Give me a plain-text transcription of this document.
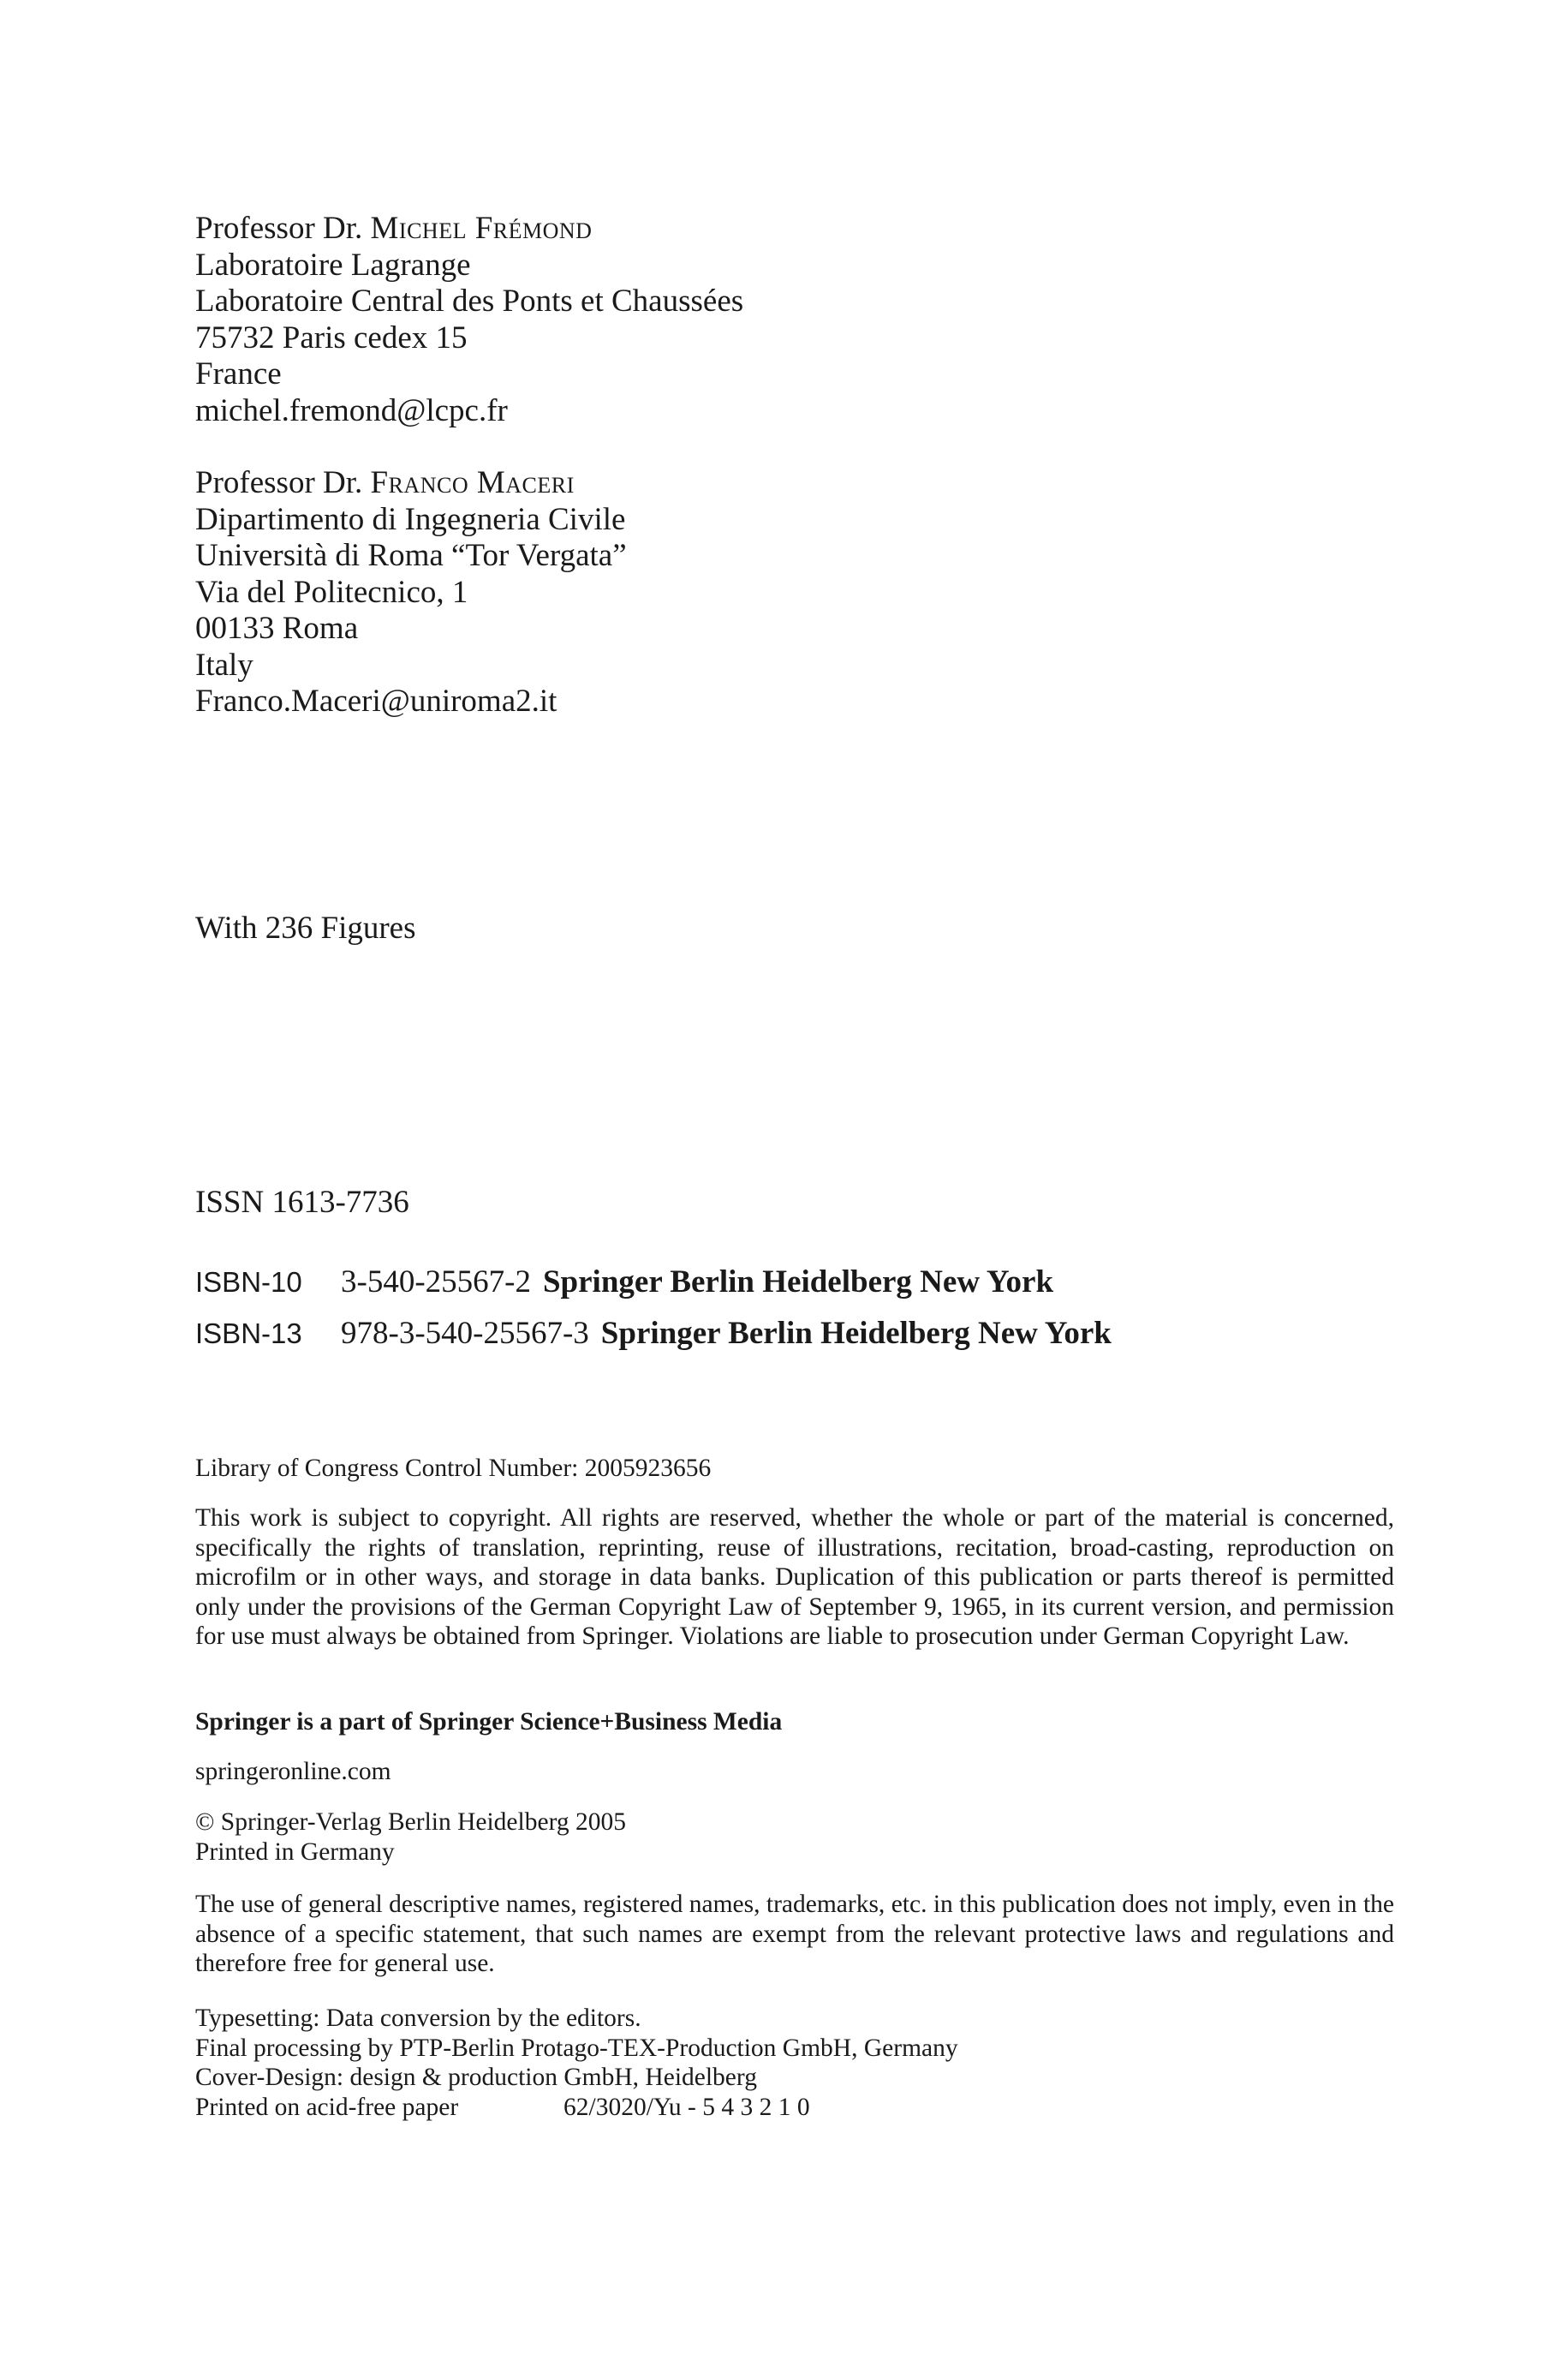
Professor Dr. Michel Frémond
Laboratoire Lagrange
Laboratoire Central des Ponts et Chaussées
75732 Paris cedex 15
France
michel.fremond@lcpc.fr
Professor Dr. Franco Maceri
Dipartimento di Ingegneria Civile
Università di Roma “Tor Vergata”
Via del Politecnico, 1
00133 Roma
Italy
Franco.Maceri@uniroma2.it
With 236 Figures
ISSN 1613-7736
ISBN-10 3-540-25567-2 Springer Berlin Heidelberg New York
ISBN-13 978-3-540-25567-3 Springer Berlin Heidelberg New York
Library of Congress Control Number: 2005923656
This work is subject to copyright. All rights are reserved, whether the whole or part of the material is concerned, specifically the rights of translation, reprinting, reuse of illustrations, recitation, broad-casting, reproduction on microfilm or in other ways, and storage in data banks. Duplication of this publication or parts thereof is permitted only under the provisions of the German Copyright Law of September 9, 1965, in its current version, and permission for use must always be obtained from Springer. Violations are liable to prosecution under German Copyright Law.
Springer is a part of Springer Science+Business Media
springeronline.com
© Springer-Verlag Berlin Heidelberg 2005
Printed in Germany
The use of general descriptive names, registered names, trademarks, etc. in this publication does not imply, even in the absence of a specific statement, that such names are exempt from the relevant protective laws and regulations and therefore free for general use.
Typesetting: Data conversion by the editors.
Final processing by PTP-Berlin Protago-TEX-Production GmbH, Germany
Cover-Design: design & production GmbH, Heidelberg
Printed on acid-free paper	62/3020/Yu - 5 4 3 2 1 0
